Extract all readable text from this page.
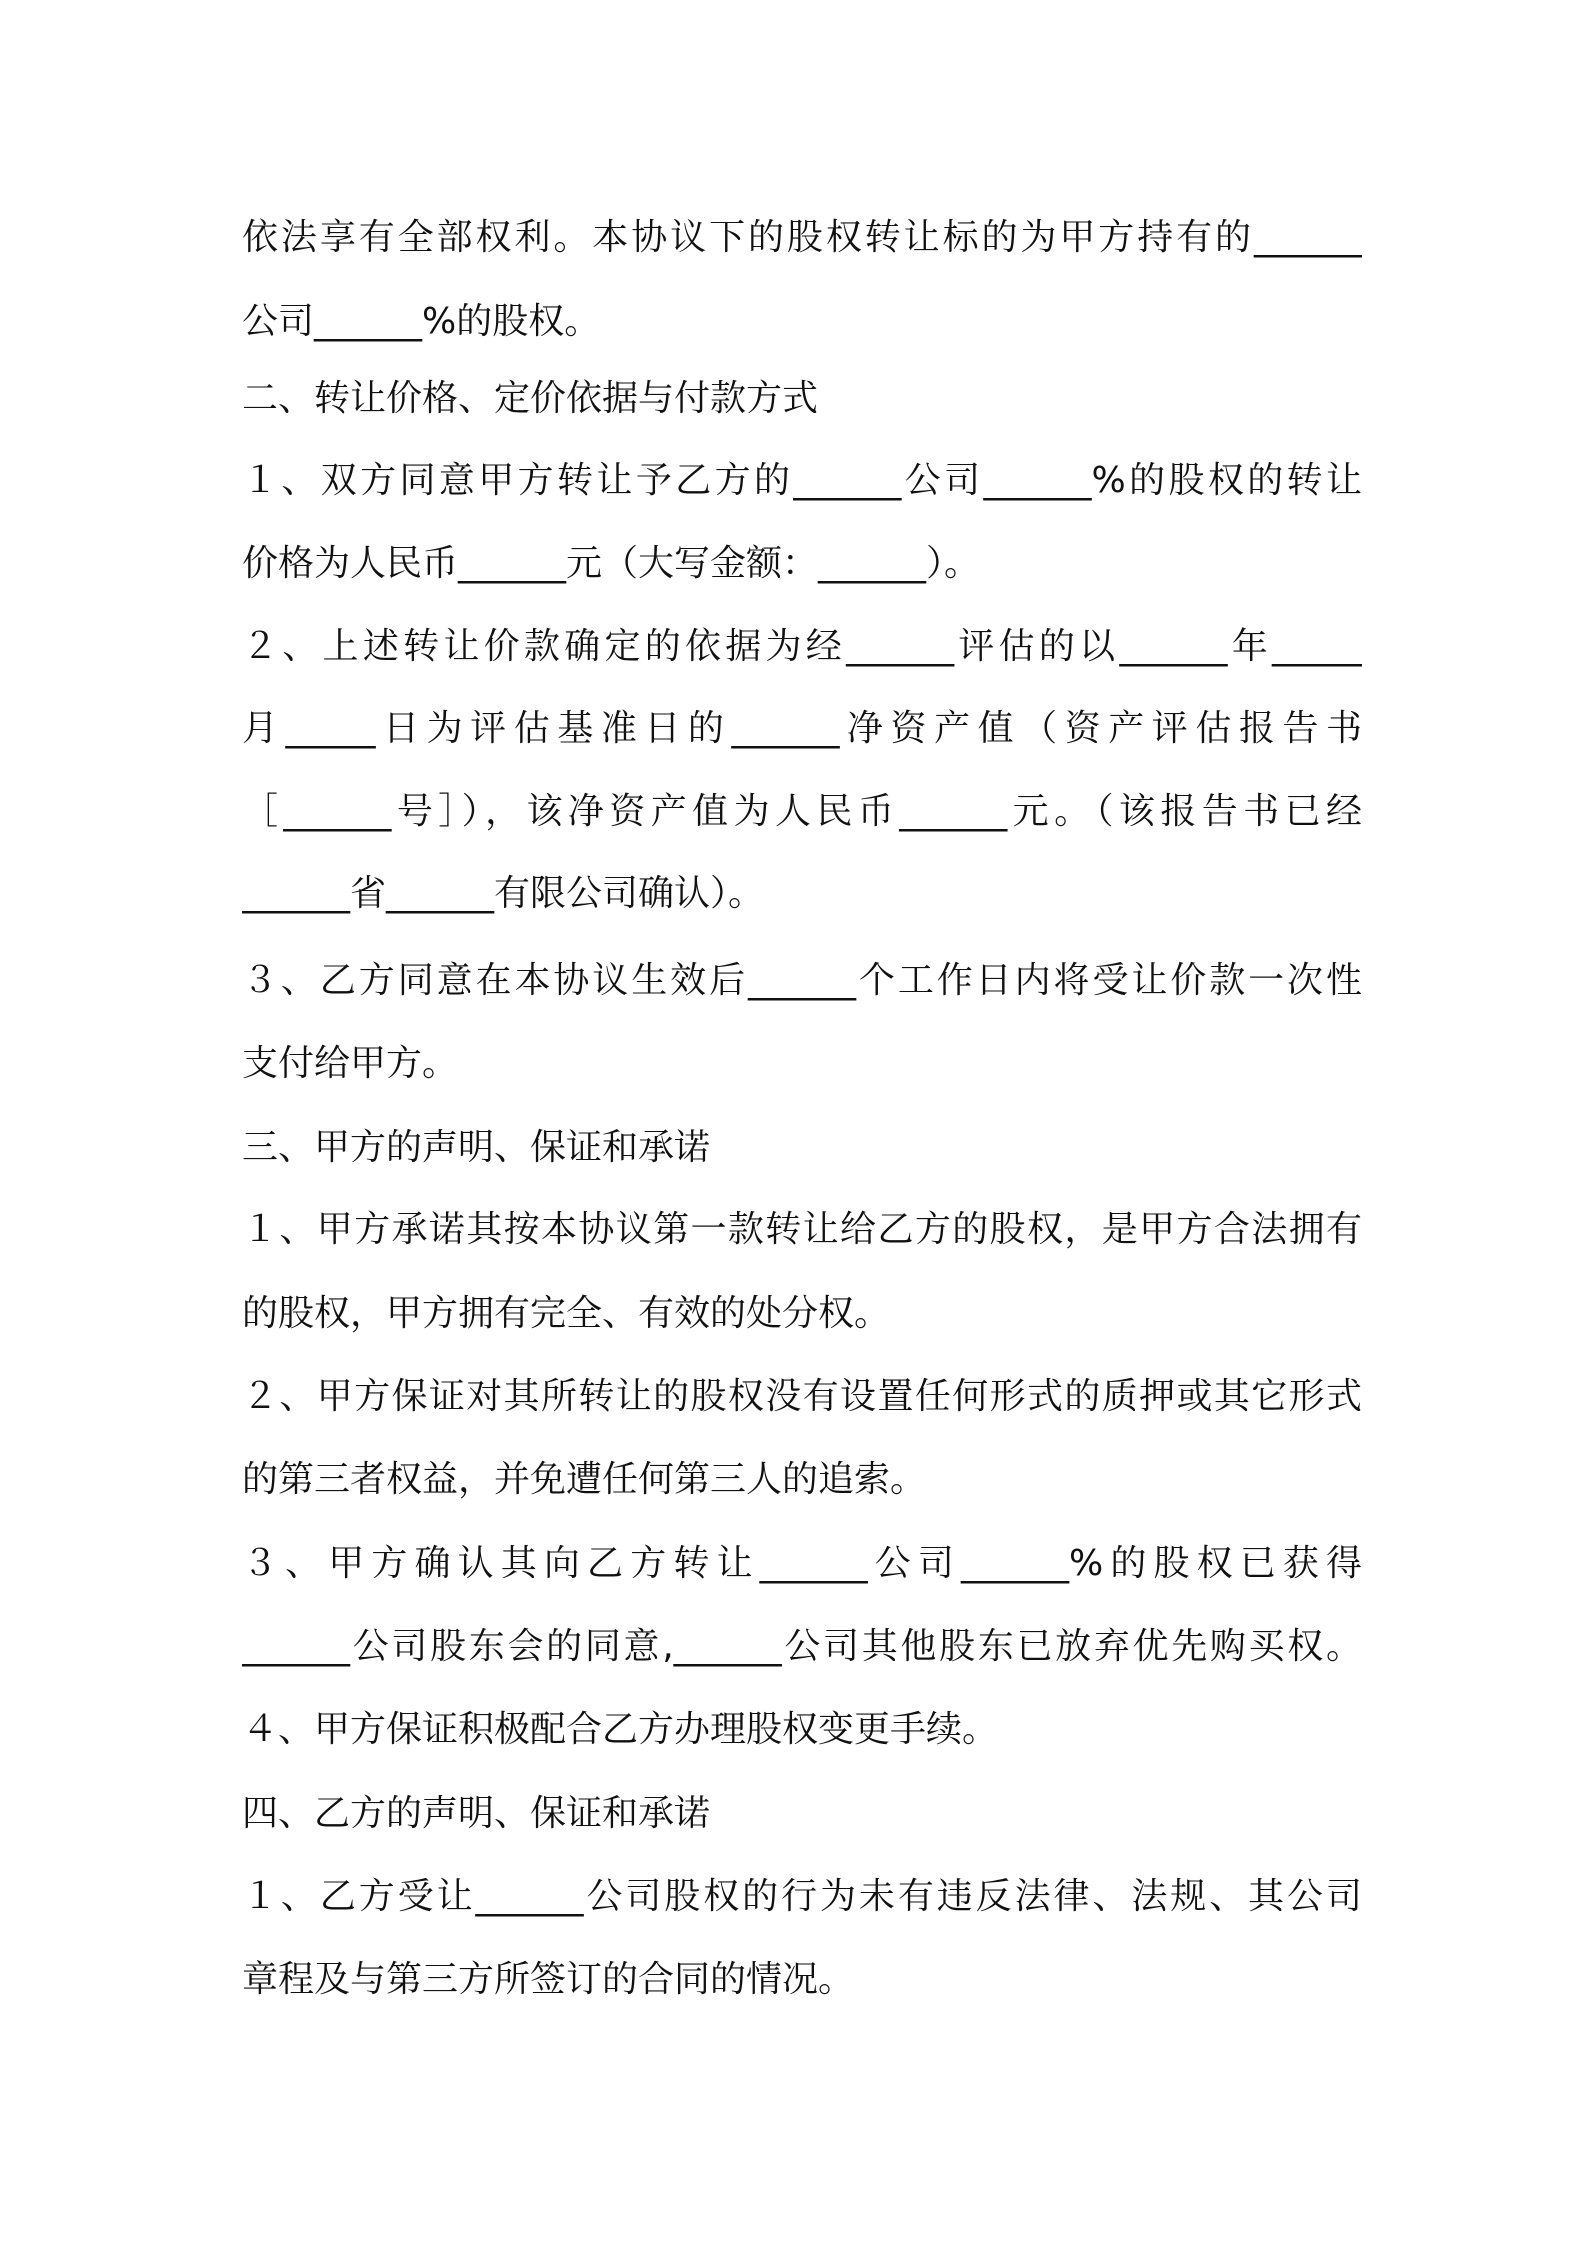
依法享有全部权利。本协议下的股权转让标的为甲方持有的______
公司______%的股权。
二、转让价格、定价依据与付款方式
１、双方同意甲方转让予乙方的______公司______%的股权的转让
价格为人民币______元（大写金额：______）。
２、上述转让价款确定的依据为经______评估的以______年_____
月_____日为评估基准日的______净资产值（资产评估报告书
［______号］），该净资产值为人民币______元。（该报告书已经
______省______有限公司确认）。
３、乙方同意在本协议生效后______个工作日内将受让价款一次性
支付给甲方。
三、甲方的声明、保证和承诺
１、甲方承诺其按本协议第一款转让给乙方的股权，是甲方合法拥有
的股权，甲方拥有完全、有效的处分权。
２、甲方保证对其所转让的股权没有设置任何形式的质押或其它形式
的第三者权益，并免遭任何第三人的追索。
３、甲方确认其向乙方转让______公司______%的股权已获得
______公司股东会的同意,______公司其他股东已放弃优先购买权。
４、甲方保证积极配合乙方办理股权变更手续。
四、乙方的声明、保证和承诺
１、乙方受让______公司股权的行为未有违反法律、法规、其公司
章程及与第三方所签订的合同的情况。
